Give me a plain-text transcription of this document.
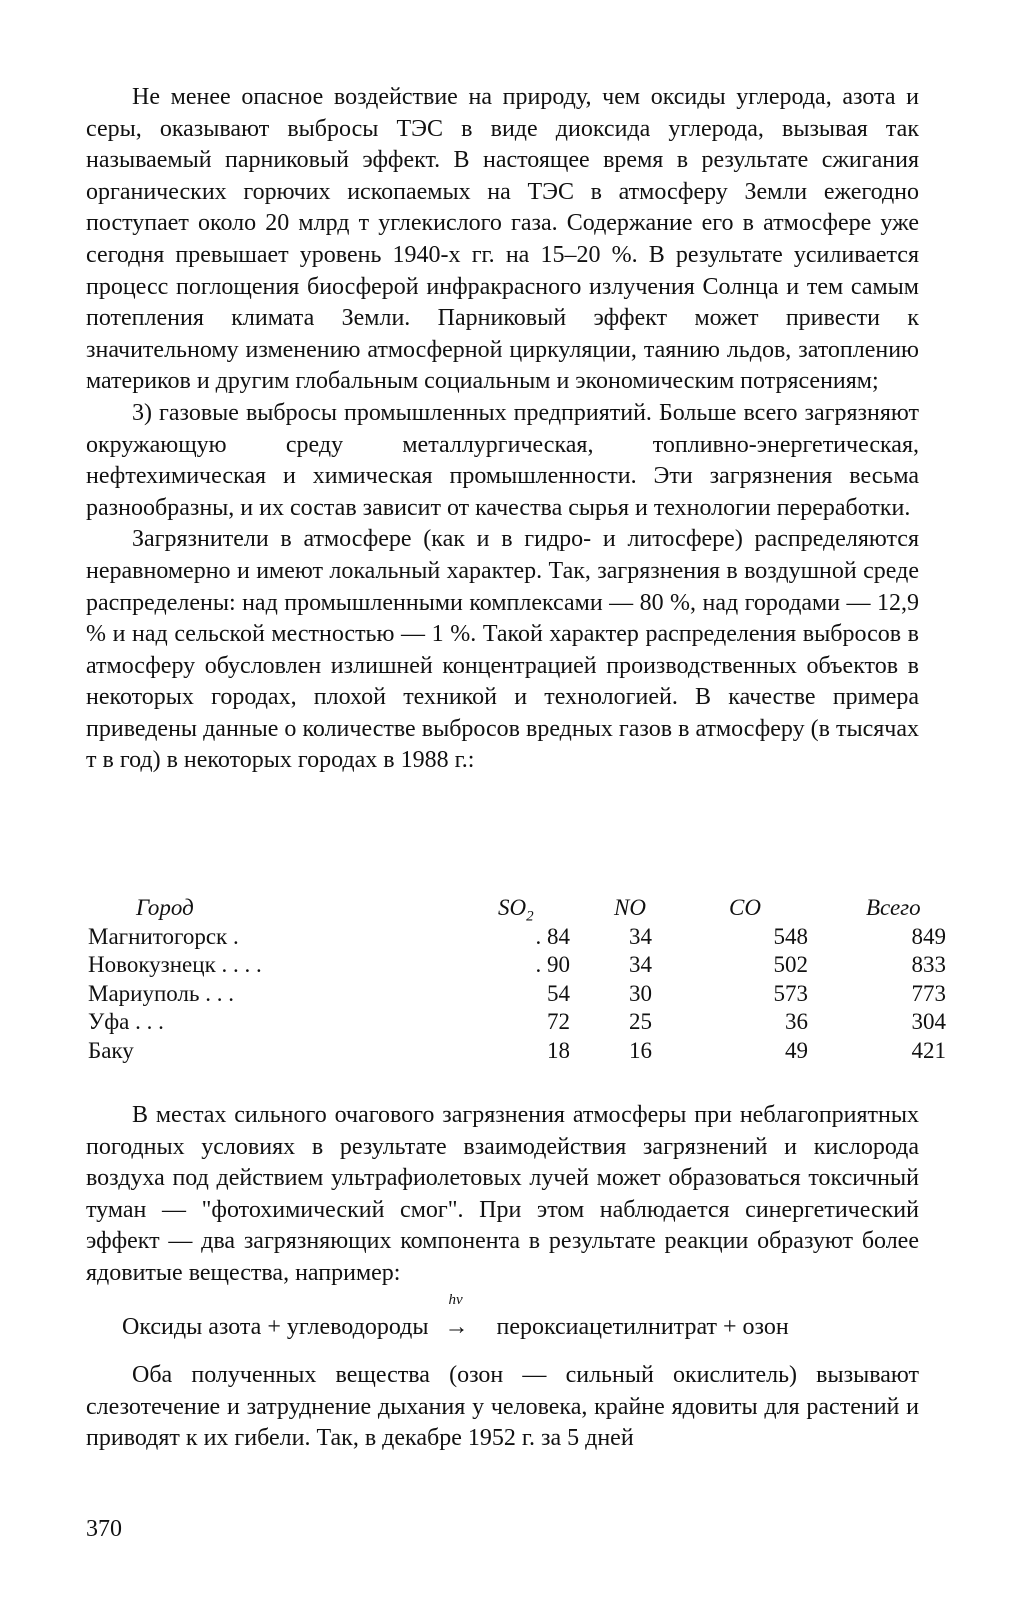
Не менее опасное воздействие на природу, чем оксиды углерода, азота и серы, оказывают выбросы ТЭС в виде диоксида углерода, вызывая так называемый парниковый эффект. В настоящее время в результате сжигания органических горючих ископаемых на ТЭС в атмосферу Земли ежегодно поступает около 20 млрд т углекислого газа. Содержание его в атмосфере уже сегодня превышает уровень 1940-х гг. на 15–20 %. В результате усиливается процесс поглощения биосферой инфракрасного излучения Солнца и тем самым потепления климата Земли. Парниковый эффект может привести к значительному изменению атмосферной циркуляции, таянию льдов, затоплению материков и другим глобальным социальным и экономическим потрясениям;

3) газовые выбросы промышленных предприятий. Больше всего загрязняют окружающую среду металлургическая, топливно-энергетическая, нефтехимическая и химическая промышленности. Эти загрязнения весьма разнообразны, и их состав зависит от качества сырья и технологии переработки.

Загрязнители в атмосфере (как и в гидро- и литосфере) распределяются неравномерно и имеют локальный характер. Так, загрязнения в воздушной среде распределены: над промышленными комплексами — 80 %, над городами — 12,9 % и над сельской местностью — 1 %. Такой характер распределения выбросов в атмосферу обусловлен излишней концентрацией производственных объектов в некоторых городах, плохой техникой и технологией. В качестве примера приведены данные о количестве выбросов вредных газов в атмосферу (в тысячах т в год) в некоторых городах в 1988 г.:

Город	$SO_2$	NO	CO	Всего
Магнитогорск .	. 84	34	548	849
Новокузнецк . . . .	. 90	34	502	833
Мариуполь . . .	54	30	573	773
Уфа . . .	72	25	36	304
Баку	18	16	49	421

В местах сильного очагового загрязнения атмосферы при неблагоприятных погодных условиях в результате взаимодействия загрязнений и кислорода воздуха под действием ультрафиолетовых лучей может образоваться токсичный туман — "фотохимический смог". При этом наблюдается синергетический эффект — два загрязняющих компонента в результате реакции образуют более ядовитые вещества, например:

Оксиды азота + углеводороды
hν
→ пероксиацетилнитрат + озон

Оба полученных вещества (озон — сильный окислитель) вызывают слезотечение и затруднение дыхания у человека, крайне ядовиты для растений и приводят к их гибели. Так, в декабре 1952 г. за 5 дней

370
